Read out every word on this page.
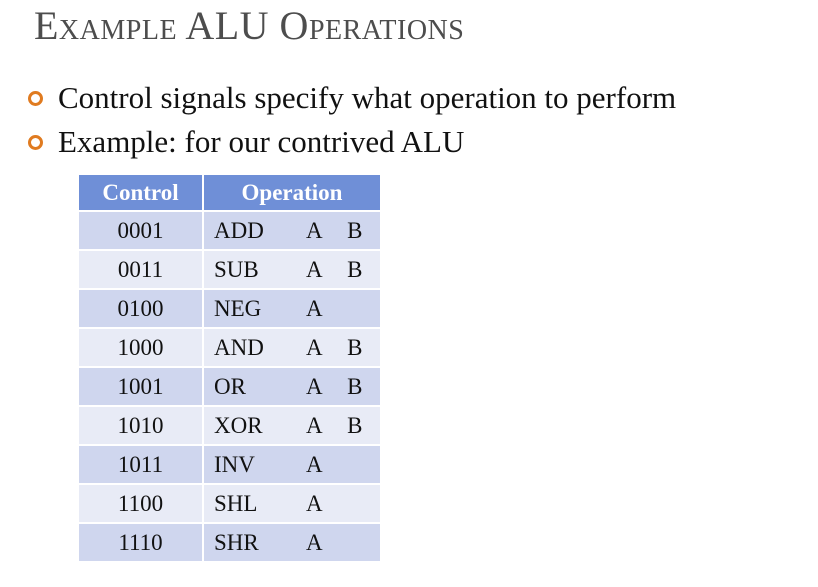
Example ALU Operations
Control signals specify what operation to perform
Example: for our contrived ALU
Control	Operation
0001	ADD A B

0011	SUB A B

0100	NEG A

1000	AND A B

1001	OR A B

1010	XOR A B

1011	INV A

1100	SHL A

1110	SHR A
